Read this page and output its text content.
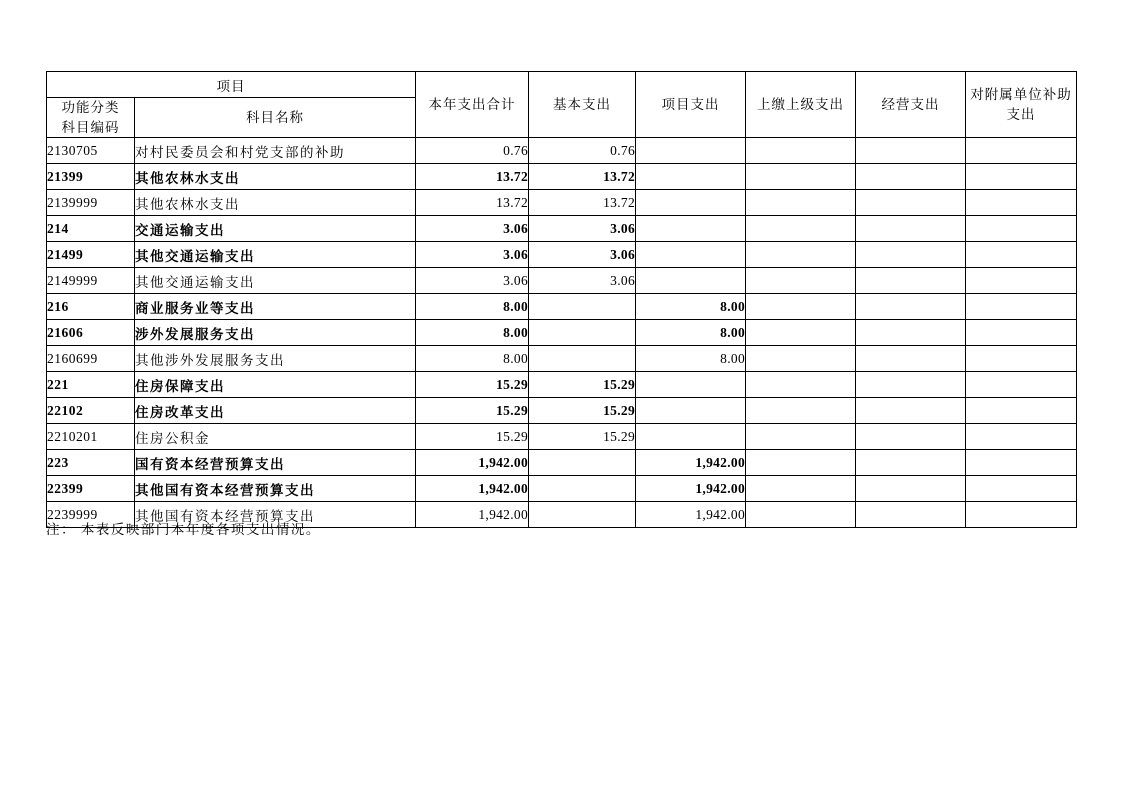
项目		本年支出合计	基本支出	项目支出	上缴上级支出	经营支出	对附属单位补助
支出

功能分类
科目编码	科目名称						
2130705	对村民委员会和村党支部的补助	0.76	0.76				
21399	其他农林水支出	13.72	13.72				
2139999	其他农林水支出	13.72	13.72				
214	交通运输支出	3.06	3.06				
21499	其他交通运输支出	3.06	3.06				
2149999	其他交通运输支出	3.06	3.06				
216	商业服务业等支出	8.00		8.00			
21606	涉外发展服务支出	8.00		8.00			
2160699	其他涉外发展服务支出	8.00		8.00			
221	住房保障支出	15.29	15.29				
22102	住房改革支出	15.29	15.29				
2210201	住房公积金	15.29	15.29				
223	国有资本经营预算支出	1,942.00		1,942.00			
22399	其他国有资本经营预算支出	1,942.00		1,942.00			
2239999	其他国有资本经营预算支出	1,942.00		1,942.00			
注： 本表反映部门本年度各项支出情况。
